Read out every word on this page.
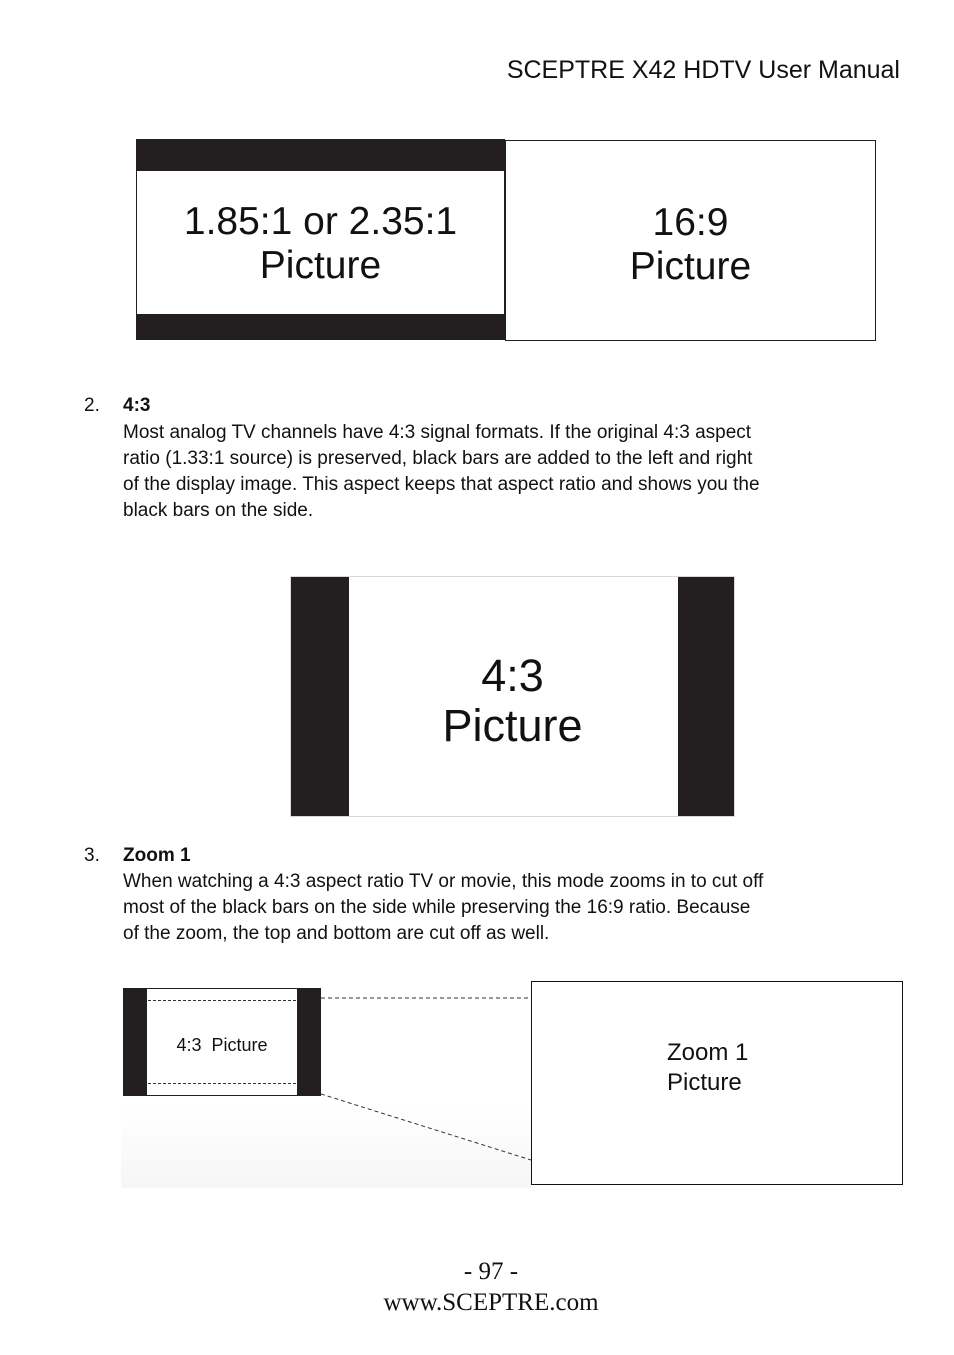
SCEPTRE X42 HDTV User Manual
1.85:1 or 2.35:1
Picture
16:9
Picture
2. 4:3

Most analog TV channels have 4:3 signal formats. If the original 4:3 aspect

ratio (1.33:1 source) is preserved, black bars are added to the left and right

of the display image. This aspect keeps that aspect ratio and shows you the

black bars on the side.

4:3
Picture
3. Zoom 1

When watching a 4:3 aspect ratio TV or movie, this mode zooms in to cut off

most of the black bars on the side while preserving the 16:9 ratio. Because

of the zoom, the top and bottom are cut off as well.

4:3  Picture	Zoom 1
Picture
- 97 -
www.SCEPTRE.com
